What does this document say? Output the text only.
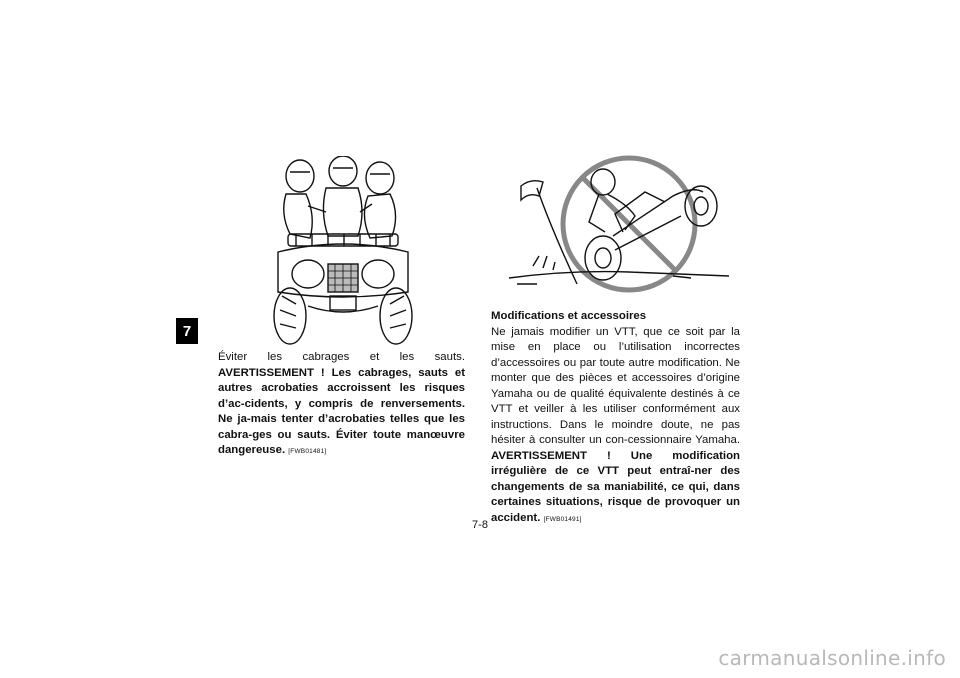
7
Éviter les cabrages et les sauts. AVERTISSEMENT ! Les cabrages, sauts et autres acrobaties accroissent les risques d’ac-cidents, y compris de renversements. Ne ja-mais tenter d’acrobaties telles que les cabra-ges ou sauts. Éviter toute manœuvre dangereuse. [FWB01481]
Modifications et accessoires
Ne jamais modifier un VTT, que ce soit par la mise en place ou l’utilisation incorrectes d’accessoires ou par toute autre modification. Ne monter que des pièces et accessoires d’origine Yamaha ou de qualité équivalente destinés à ce VTT et veiller à les utiliser conformément aux instructions. Dans le moindre doute, ne pas hésiter à consulter un con-cessionnaire Yamaha. AVERTISSEMENT ! Une modification irrégulière de ce VTT peut entraî-ner des changements de sa maniabilité, ce qui, dans certaines situations, risque de provoquer un accident. [FWB01491]
7-8
carmanualsonline.info
